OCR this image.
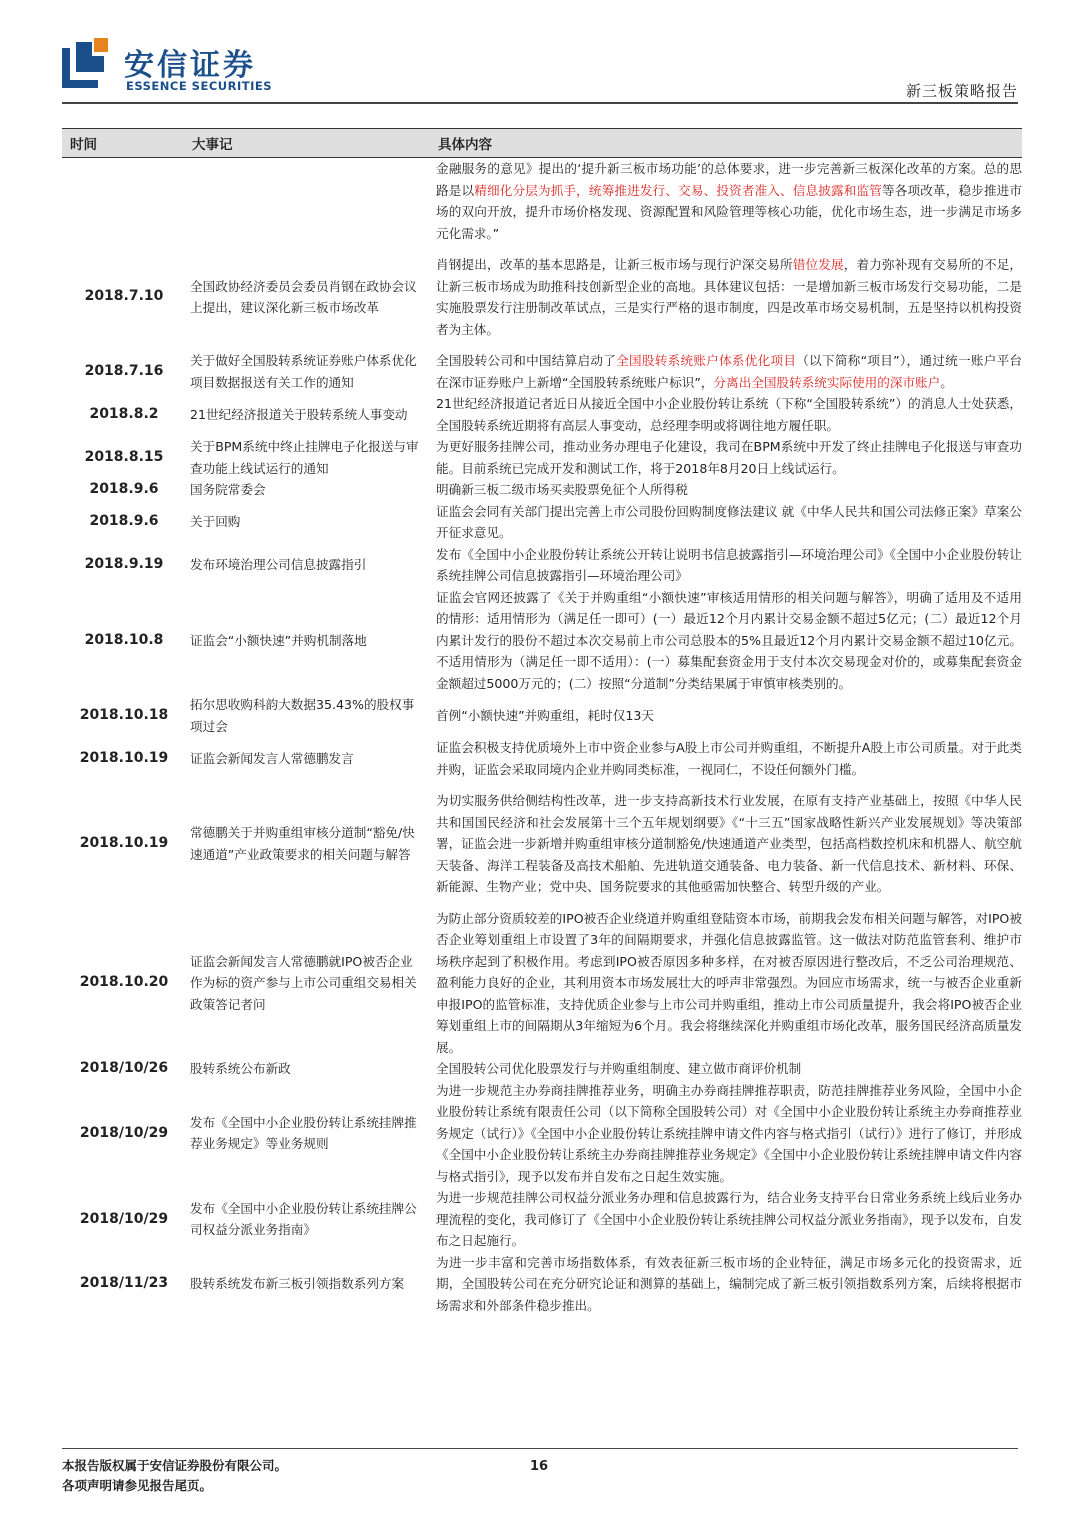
安信证券
ESSENCE SECURITIES	新三板策略报告
时间	大事记	具体内容
		金融服务的意见》提出的‘提升新三板市场功能’的总体要求，进一步完善新三板深化改革的方案。总的思路是以精细化分层为抓手，统筹推进发行、交易、投资者准入、信息披露和监管等各项改革，稳步推进市场的双向开放，提升市场价格发现、资源配置和风险管理等核心功能，优化市场生态，进一步满足市场多元化需求。”
2018.7.10	全国政协经济委员会委员肖钢在政协会议上提出，建议深化新三板市场改革	肖钢提出，改革的基本思路是，让新三板市场与现行沪深交易所错位发展，着力弥补现有交易所的不足，让新三板市场成为助推科技创新型企业的高地。具体建议包括：一是增加新三板市场发行交易功能，二是实施股票发行注册制改革试点，三是实行严格的退市制度，四是改革市场交易机制，五是坚持以机构投资者为主体。
2018.7.16	关于做好全国股转系统证券账户体系优化项目数据报送有关工作的通知	全国股转公司和中国结算启动了全国股转系统账户体系优化项目（以下简称“项目”），通过统一账户平台在深市证券账户上新增“全国股转系统账户标识”，分离出全国股转系统实际使用的深市账户。
2018.8.2	21世纪经济报道关于股转系统人事变动	21世纪经济报道记者近日从接近全国中小企业股份转让系统（下称“全国股转系统”）的消息人士处获悉，全国股转系统近期将有高层人事变动，总经理李明或将调往地方履任职。
2018.8.15	关于BPM系统中终止挂牌电子化报送与审查功能上线试运行的通知	为更好服务挂牌公司，推动业务办理电子化建设，我司在BPM系统中开发了终止挂牌电子化报送与审查功能。目前系统已完成开发和测试工作，将于2018年8月20日上线试运行。
2018.9.6	国务院常委会	明确新三板二级市场买卖股票免征个人所得税
2018.9.6	关于回购	证监会会同有关部门提出完善上市公司股份回购制度修法建议 就《中华人民共和国公司法修正案》草案公开征求意见。
2018.9.19	发布环境治理公司信息披露指引	发布《全国中小企业股份转让系统公开转让说明书信息披露指引—环境治理公司》《全国中小企业股份转让系统挂牌公司信息披露指引—环境治理公司》
2018.10.8	证监会“小额快速”并购机制落地	证监会官网还披露了《关于并购重组“小额快速”审核适用情形的相关问题与解答》，明确了适用及不适用的情形：适用情形为（满足任一即可）(一）最近12个月内累计交易金额不超过5亿元；(二）最近12个月内累计发行的股份不超过本次交易前上市公司总股本的5%且最近12个月内累计交易金额不超过10亿元。不适用情形为（满足任一即不适用）：(一）募集配套资金用于支付本次交易现金对价的，或募集配套资金金额超过5000万元的；(二）按照“分道制”分类结果属于审慎审核类别的。
2018.10.18	拓尔思收购科韵大数据35.43%的股权事项过会	首例“小额快速”并购重组，耗时仅13天
2018.10.19	证监会新闻发言人常德鹏发言	证监会积极支持优质境外上市中资企业参与A股上市公司并购重组，不断提升A股上市公司质量。对于此类并购，证监会采取同境内企业并购同类标准，一视同仁，不设任何额外门槛。
2018.10.19	常德鹏关于并购重组审核分道制“豁免/快速通道”产业政策要求的相关问题与解答	为切实服务供给侧结构性改革，进一步支持高新技术行业发展，在原有支持产业基础上，按照《中华人民共和国国民经济和社会发展第十三个五年规划纲要》《“十三五”国家战略性新兴产业发展规划》等决策部署，证监会进一步新增并购重组审核分道制豁免/快速通道产业类型，包括高档数控机床和机器人、航空航天装备、海洋工程装备及高技术船舶、先进轨道交通装备、电力装备、新一代信息技术、新材料、环保、新能源、生物产业；党中央、国务院要求的其他亟需加快整合、转型升级的产业。
2018.10.20	证监会新闻发言人常德鹏就IPO被否企业作为标的资产参与上市公司重组交易相关政策答记者问	为防止部分资质较差的IPO被否企业绕道并购重组登陆资本市场，前期我会发布相关问题与解答，对IPO被否企业筹划重组上市设置了3年的间隔期要求，并强化信息披露监管。这一做法对防范监管套利、维护市场秩序起到了积极作用。考虑到IPO被否原因多种多样，在对被否原因进行整改后，不乏公司治理规范、盈利能力良好的企业，其利用资本市场发展壮大的呼声非常强烈。为回应市场需求，统一与被否企业重新申报IPO的监管标准，支持优质企业参与上市公司并购重组，推动上市公司质量提升，我会将IPO被否企业筹划重组上市的间隔期从3年缩短为6个月。我会将继续深化并购重组市场化改革，服务国民经济高质量发展。
2018/10/26	股转系统公布新政	全国股转公司优化股票发行与并购重组制度、建立做市商评价机制
2018/10/29	发布《全国中小企业股份转让系统挂牌推荐业务规定》等业务规则	为进一步规范主办券商挂牌推荐业务，明确主办券商挂牌推荐职责，防范挂牌推荐业务风险，全国中小企业股份转让系统有限责任公司（以下简称全国股转公司）对《全国中小企业股份转让系统主办券商推荐业务规定（试行）》《全国中小企业股份转让系统挂牌申请文件内容与格式指引（试行）》进行了修订，并形成《全国中小企业股份转让系统主办券商挂牌推荐业务规定》《全国中小企业股份转让系统挂牌申请文件内容与格式指引》，现予以发布并自发布之日起生效实施。
2018/10/29	发布《全国中小企业股份转让系统挂牌公司权益分派业务指南》	为进一步规范挂牌公司权益分派业务办理和信息披露行为，结合业务支持平台日常业务系统上线后业务办理流程的变化，我司修订了《全国中小企业股份转让系统挂牌公司权益分派业务指南》，现予以发布，自发布之日起施行。
2018/11/23	股转系统发布新三板引领指数系列方案	为进一步丰富和完善市场指数体系，有效表征新三板市场的企业特征，满足市场多元化的投资需求，近期，全国股转公司在充分研究论证和测算的基础上，编制完成了新三板引领指数系列方案，后续将根据市场需求和外部条件稳步推出。
本报告版权属于安信证券股份有限公司。
各项声明请参见报告尾页。
16
